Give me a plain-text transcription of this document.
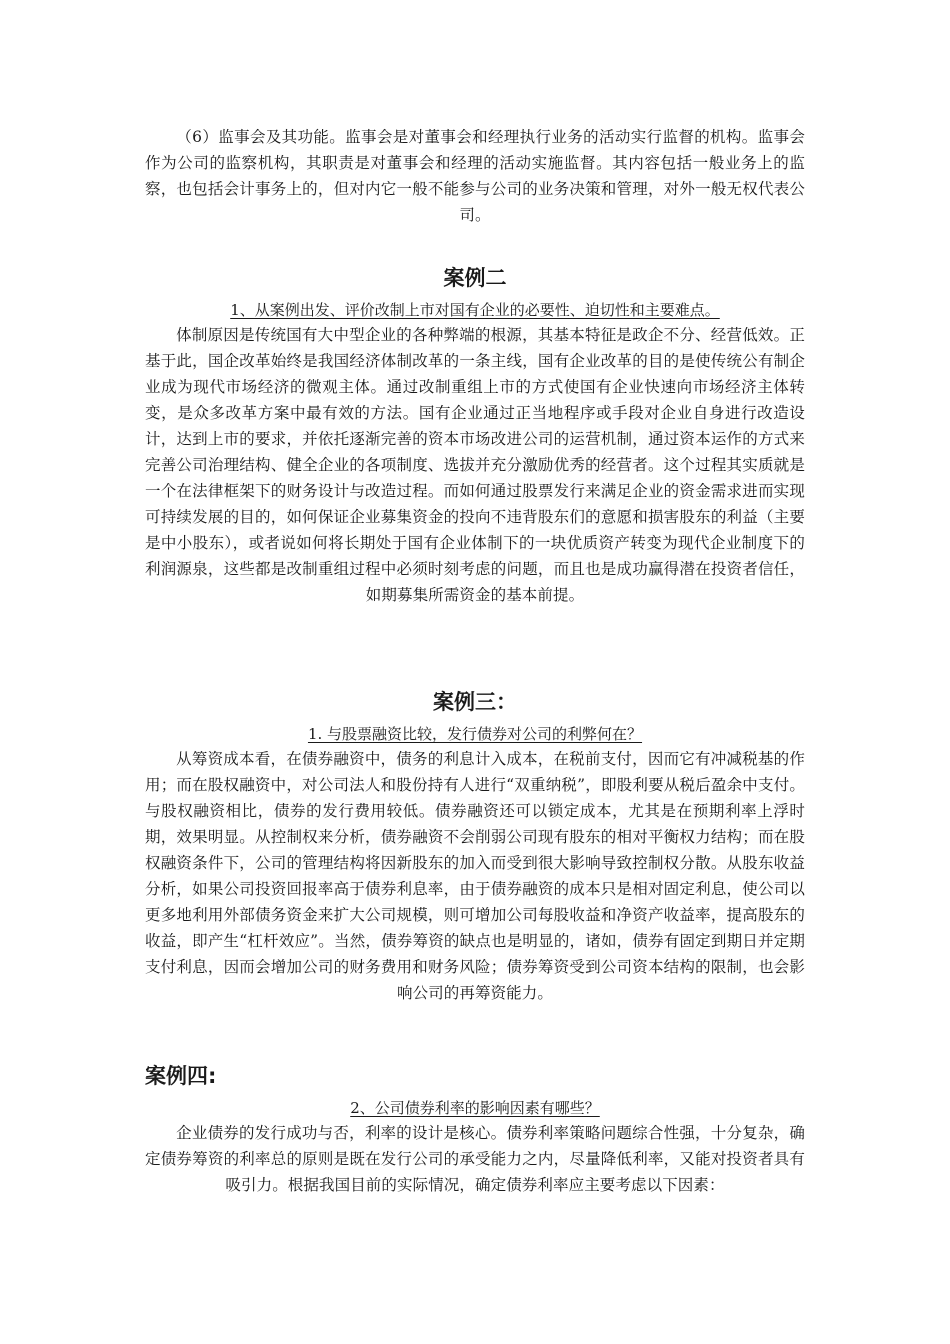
（6）监事会及其功能。监事会是对董事会和经理执行业务的活动实行监督的机构。监事会作为公司的监察机构，其职责是对董事会和经理的活动实施监督。其内容包括一般业务上的监察，也包括会计事务上的，但对内它一般不能参与公司的业务决策和管理，对外一般无权代表公司。
案例二
1、从案例出发、评价改制上市对国有企业的必要性、迫切性和主要难点。
体制原因是传统国有大中型企业的各种弊端的根源，其基本特征是政企不分、经营低效。正基于此，国企改革始终是我国经济体制改革的一条主线，国有企业改革的目的是使传统公有制企业成为现代市场经济的微观主体。通过改制重组上市的方式使国有企业快速向市场经济主体转变，是众多改革方案中最有效的方法。国有企业通过正当地程序或手段对企业自身进行改造设计，达到上市的要求，并依托逐渐完善的资本市场改进公司的运营机制，通过资本运作的方式来完善公司治理结构、健全企业的各项制度、选拔并充分激励优秀的经营者。这个过程其实质就是一个在法律框架下的财务设计与改造过程。而如何通过股票发行来满足企业的资金需求进而实现可持续发展的目的，如何保证企业募集资金的投向不违背股东们的意愿和损害股东的利益（主要是中小股东），或者说如何将长期处于国有企业体制下的一块优质资产转变为现代企业制度下的利润源泉，这些都是改制重组过程中必须时刻考虑的问题，而且也是成功赢得潜在投资者信任，如期募集所需资金的基本前提。
案例三：
1. 与股票融资比较，发行债券对公司的利弊何在？
从筹资成本看，在债券融资中，债务的利息计入成本，在税前支付，因而它有冲减税基的作用；而在股权融资中，对公司法人和股份持有人进行“双重纳税”，即股利要从税后盈余中支付。与股权融资相比，债券的发行费用较低。债券融资还可以锁定成本，尤其是在预期利率上浮时期，效果明显。从控制权来分析，债券融资不会削弱公司现有股东的相对平衡权力结构；而在股权融资条件下，公司的管理结构将因新股东的加入而受到很大影响导致控制权分散。从股东收益分析，如果公司投资回报率高于债券利息率，由于债券融资的成本只是相对固定利息，使公司以更多地利用外部债务资金来扩大公司规模，则可增加公司每股收益和净资产收益率，提高股东的收益，即产生“杠杆效应”。当然，债券筹资的缺点也是明显的，诸如，债券有固定到期日并定期支付利息，因而会增加公司的财务费用和财务风险；债券筹资受到公司资本结构的限制，也会影响公司的再筹资能力。
案例四:
2、公司债券利率的影响因素有哪些？
企业债券的发行成功与否，利率的设计是核心。债券利率策略问题综合性强，十分复杂，确定债券筹资的利率总的原则是既在发行公司的承受能力之内，尽量降低利率，又能对投资者具有吸引力。根据我国目前的实际情况，确定债券利率应主要考虑以下因素：
